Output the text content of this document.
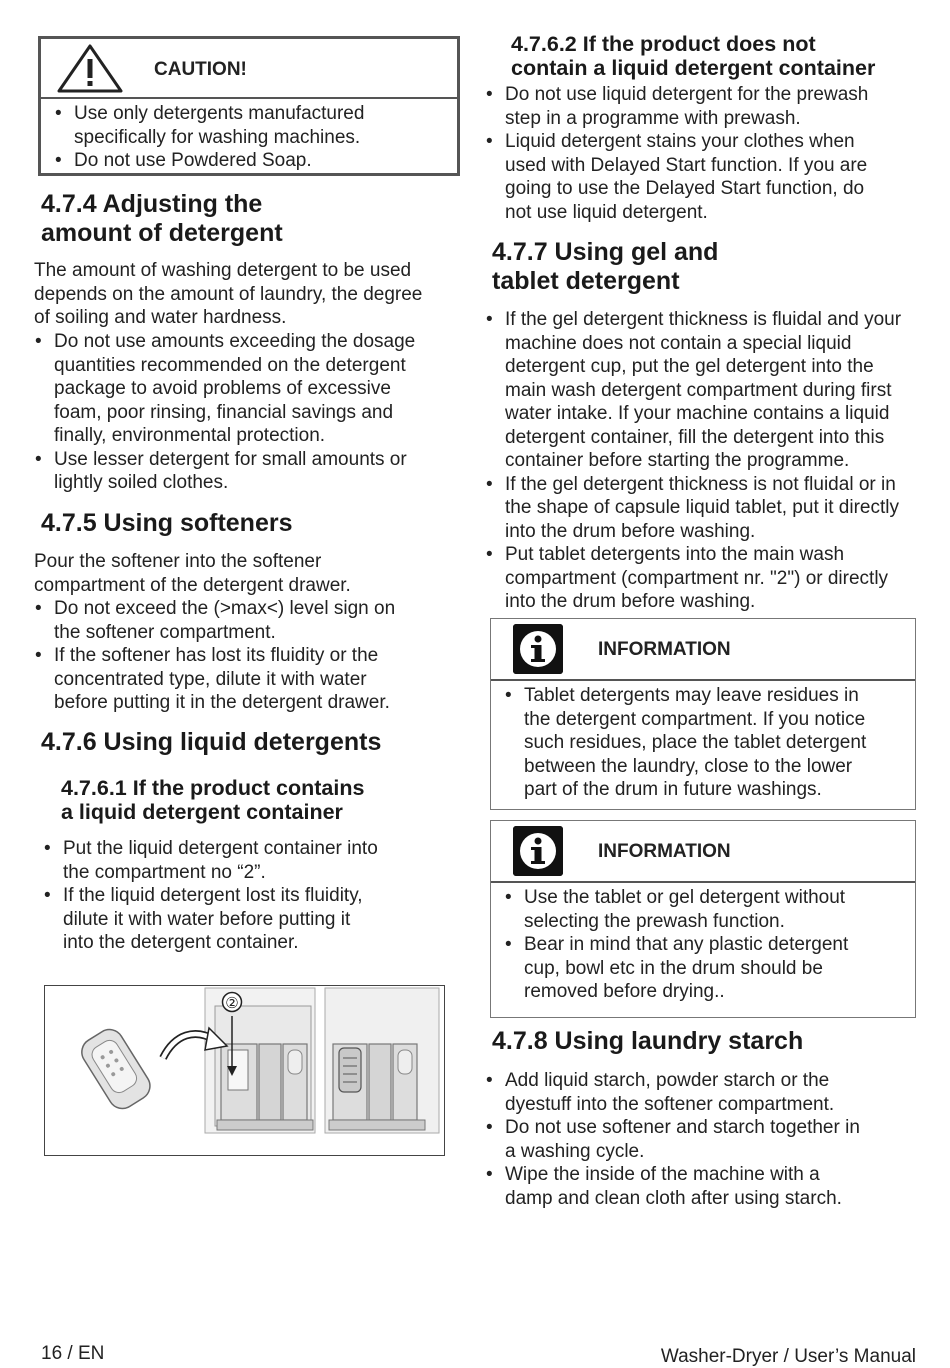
CAUTION!
• Use only detergents manufactured specifically for washing machines.
• Do not use Powdered Soap.
4.7.4 Adjusting the
amount of detergent

The amount of washing detergent to be used depends on the amount of laundry, the degree of soiling and water hardness.

• Do not use amounts exceeding the dosage quantities recommended on the detergent package to avoid problems of excessive foam, poor rinsing, financial savings and finally, environmental protection.
• Use lesser detergent for small amounts or lightly soiled clothes.
4.7.5 Using softeners

Pour the softener into the softener compartment of the detergent drawer.

• Do not exceed the (>max<) level sign on the softener compartment.
• If the softener has lost its fluidity or the concentrated type, dilute it with water before putting it in the detergent drawer.
4.7.6 Using liquid detergents
4.7.6.1 If the product contains
a liquid detergent container
• Put the liquid detergent container into the compartment no “2”.
• If the liquid detergent lost its fluidity, dilute it with water before putting it into the detergent container.
②
4.7.6.2 If the product does not
contain a liquid detergent container
• Do not use liquid detergent for the prewash step in a programme with prewash.
• Liquid detergent stains your clothes when used with Delayed Start function. If you are going to use the Delayed Start function, do not use liquid detergent.
4.7.7 Using gel and
tablet detergent
• If the gel detergent thickness is fluidal and your machine does not contain a special liquid detergent cup, put the gel detergent into the main wash detergent compartment during first water intake. If your machine contains a liquid detergent container, fill the detergent into this container before starting the programme.
• If the gel detergent thickness is not fluidal or in the shape of capsule liquid tablet, put it directly into the drum before washing.
• Put tablet detergents into the main wash compartment (compartment nr. "2") or directly into the drum before washing.
INFORMATION
• Tablet detergents may leave residues in the detergent compartment. If you notice such residues, place the tablet detergent between the laundry, close to the lower part of the drum in future washings.
INFORMATION
• Use the tablet or gel detergent without selecting the prewash function.
• Bear in mind that any plastic detergent cup, bowl etc in the drum should be removed before drying..
4.7.8 Using laundry starch
• Add liquid starch, powder starch or the dyestuff into the softener compartment.
• Do not use softener and starch together in a washing cycle.
• Wipe the inside of the machine with a damp and clean cloth after using starch.
16 / EN	Washer-Dryer / User’s Manual
